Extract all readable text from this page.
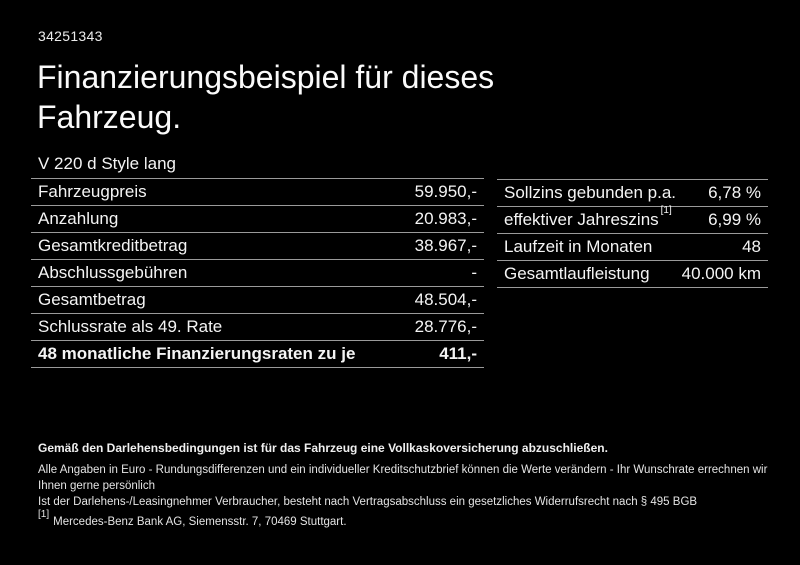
34251343
Finanzierungsbeispiel für dieses Fahrzeug.
V 220 d Style lang
Fahrzeugpreis	59.950,-
Anzahlung	20.983,-
Gesamtkreditbetrag	38.967,-
Abschlussgebühren	-
Gesamtbetrag	48.504,-
Schlussrate als 49. Rate	28.776,-
48 monatliche Finanzierungsraten zu je	411,-
Sollzins gebunden p.a. 6,78 %
effektiver Jahreszins [1] 6,99 %
Laufzeit in Monaten	48
Gesamtlaufleistung 40.000 km
Gemäß den Darlehensbedingungen ist für das Fahrzeug eine Vollkaskoversicherung abzuschließen.
Alle Angaben in Euro - Rundungsdifferenzen und ein individueller Kreditschutzbrief können die Werte verändern - Ihr Wunschrate errechnen wir Ihnen gerne persönlich
Ist der Darlehens-/Leasingnehmer Verbraucher, besteht nach Vertragsabschluss ein gesetzliches Widerrufsrecht nach § 495 BGB
[1]Mercedes-Benz Bank AG, Siemensstr. 7, 70469 Stuttgart.
